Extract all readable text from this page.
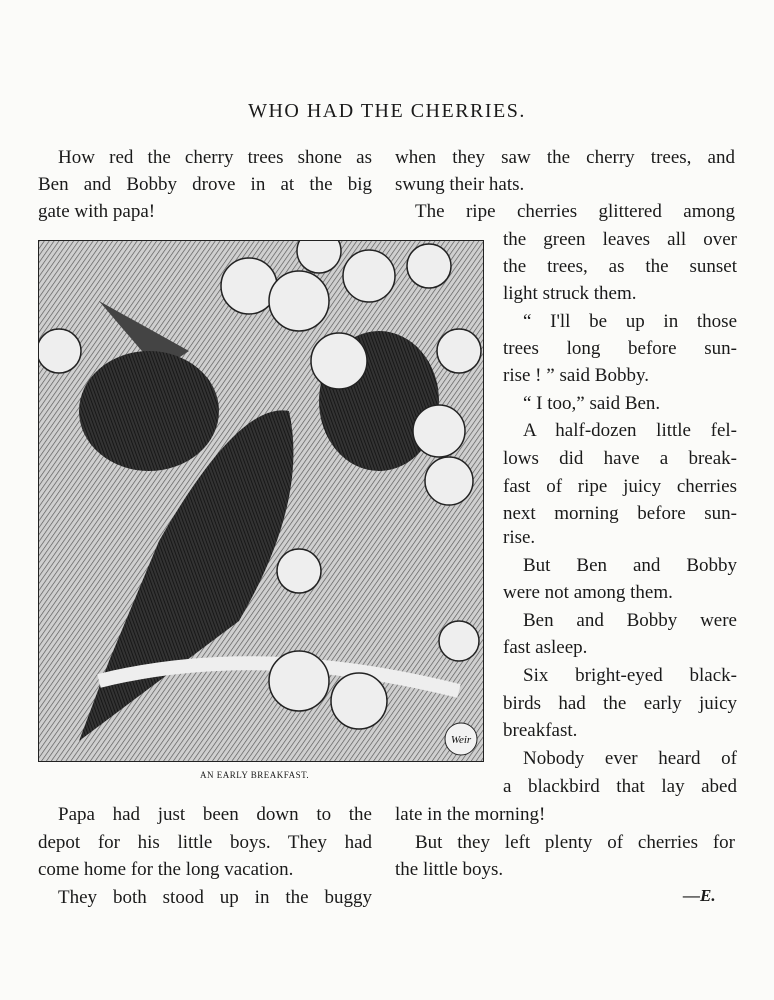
WHO HAD THE CHERRIES.
Weir
AN EARLY BREAKFAST.
How red the cherry trees shone as
Ben and Bobby drove in at the big
gate with papa!
when they saw the cherry trees, and
swung their hats.
The ripe cherries glittered among
the green leaves all over
the trees, as the sunset
light struck them.
“ I'll be up in those
trees long before sun-
rise ! ” said Bobby.
“ I too,” said Ben.
A half-dozen little fel-
lows did have a break-
fast of ripe juicy cherries
next morning before sun-
rise.
But Ben and Bobby
were not among them.
Ben and Bobby were
fast asleep.
Six bright-eyed black-
birds had the early juicy
breakfast.
Nobody ever heard of
a blackbird that lay abed
Papa had just been down to the
depot for his little boys. They had
come home for the long vacation.
They both stood up in the buggy
late in the morning!
But they left plenty of cherries for
the little boys.
—E.
